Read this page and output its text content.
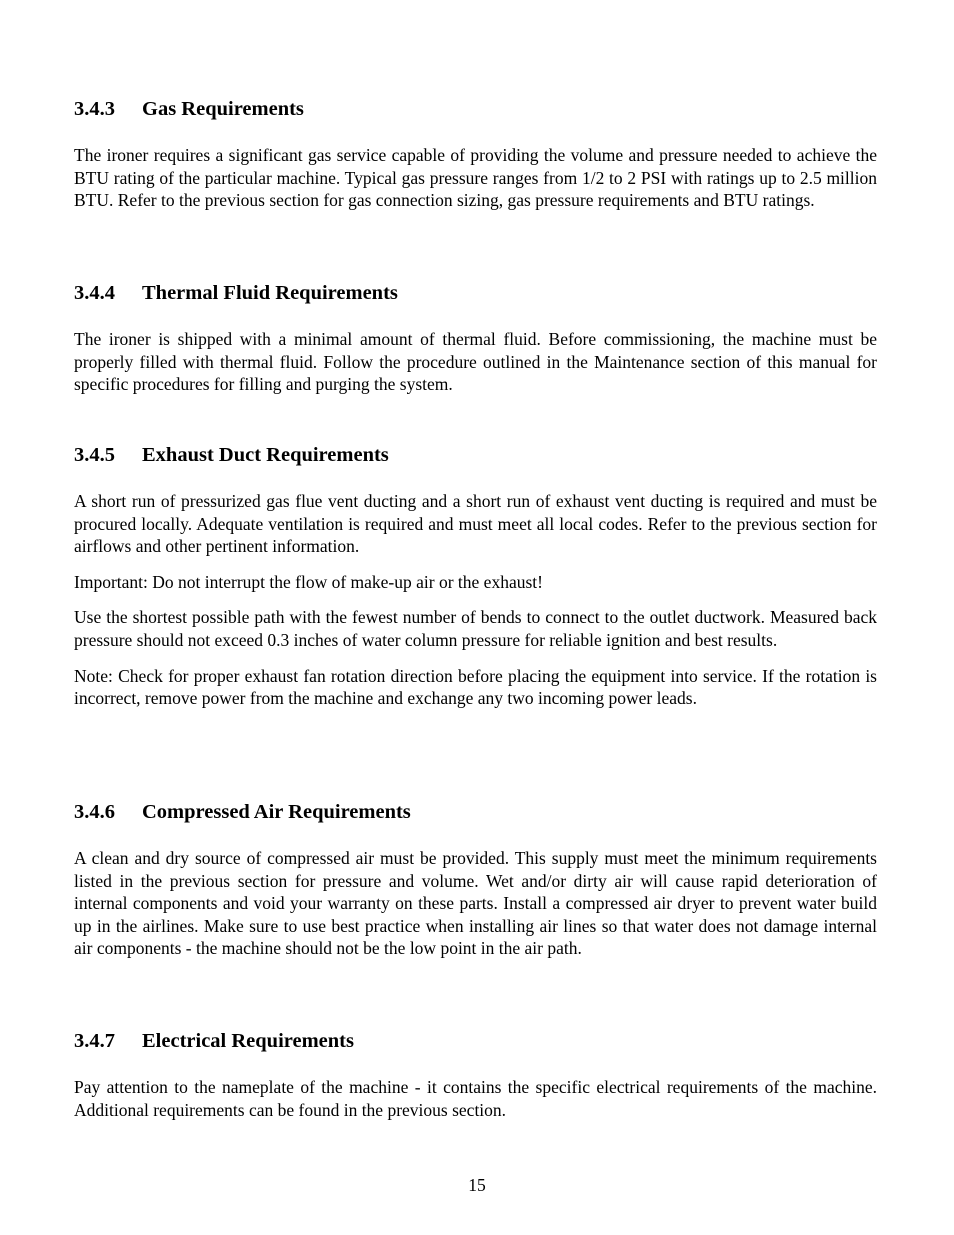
3.4.3 Gas Requirements

The ironer requires a significant gas service capable of providing the volume and pressure needed to achieve the BTU rating of the particular machine. Typical gas pressure ranges from 1/2 to 2 PSI with ratings up to 2.5 million BTU. Refer to the previous section for gas connection sizing, gas pressure requirements and BTU ratings.

3.4.4 Thermal Fluid Requirements

The ironer is shipped with a minimal amount of thermal fluid. Before commissioning, the machine must be properly filled with thermal fluid. Follow the procedure outlined in the Maintenance section of this manual for specific procedures for filling and purging the system.

3.4.5 Exhaust Duct Requirements

A short run of pressurized gas flue vent ducting and a short run of exhaust vent ducting is required and must be procured locally. Adequate ventilation is required and must meet all local codes. Refer to the previous section for airflows and other pertinent information.

Important: Do not interrupt the flow of make-up air or the exhaust!

Use the shortest possible path with the fewest number of bends to connect to the outlet ductwork. Measured back pressure should not exceed 0.3 inches of water column pressure for reliable ignition and best results.

Note: Check for proper exhaust fan rotation direction before placing the equipment into service. If the rotation is incorrect, remove power from the machine and exchange any two incoming power leads.

3.4.6 Compressed Air Requirements

A clean and dry source of compressed air must be provided. This supply must meet the minimum requirements listed in the previous section for pressure and volume. Wet and/or dirty air will cause rapid deterioration of internal components and void your warranty on these parts. Install a compressed air dryer to prevent water build up in the airlines. Make sure to use best practice when installing air lines so that water does not damage internal air components - the machine should not be the low point in the air path.

3.4.7 Electrical Requirements

Pay attention to the nameplate of the machine - it contains the specific electrical requirements of the machine. Additional requirements can be found in the previous section.

15
